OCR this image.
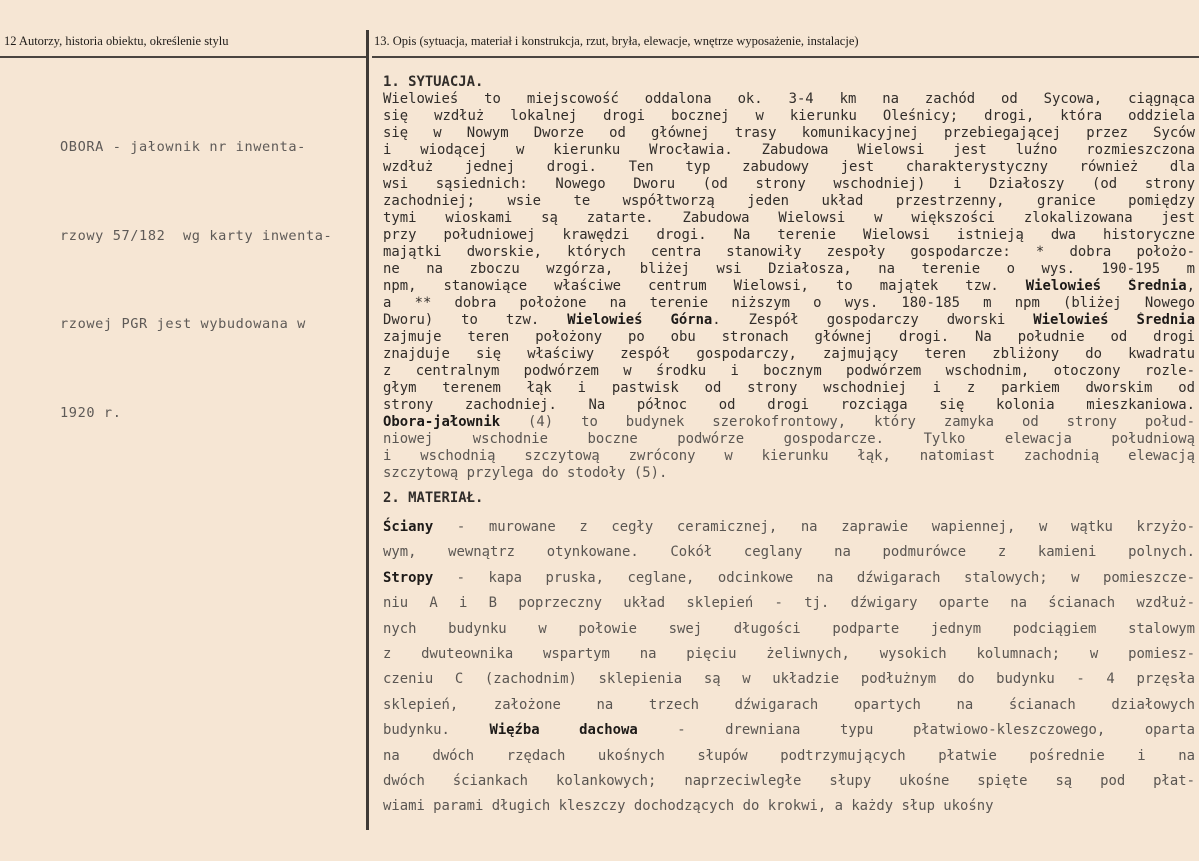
12 Autorzy, historia obiektu, określenie stylu	13. Opis (sytuacja, materiał i konstrukcja, rzut, bryła, elewacje, wnętrze wyposażenie, instalacje)

OBORA - jałownik nr inwenta-

rzowy 57/182  wg karty inwenta-

rzowej PGR jest wybudowana w

1920 r.

1. SYTUACJA.
Wielowieś to miejscowość oddalona ok. 3-4 km na zachód od Sycowa, ciągnąca
się wzdłuż lokalnej drogi bocznej w kierunku Oleśnicy; drogi, która oddziela
się w Nowym Dworze od głównej trasy komunikacyjnej przebiegającej przez Syców
i wiodącej w kierunku Wrocławia. Zabudowa Wielowsi jest luźno rozmieszczona
wzdłuż jednej drogi. Ten typ zabudowy jest charakterystyczny również dla
wsi sąsiednich: Nowego Dworu (od strony wschodniej) i Działoszy (od strony
zachodniej; wsie te współtworzą jeden układ przestrzenny, granice pomiędzy
tymi wioskami są zatarte. Zabudowa Wielowsi w większości zlokalizowana jest
przy południowej krawędzi drogi. Na terenie Wielowsi istnieją dwa historyczne
majątki dworskie, których centra stanowiły zespoły gospodarcze: * dobra położo-
ne na zboczu wzgórza, bliżej wsi Działosza, na terenie o wys. 190-195 m
npm, stanowiące właściwe centrum Wielowsi, to majątek tzw. Wielowieś Średnia,
a ** dobra położone na terenie niższym o wys. 180-185 m npm (bliżej Nowego
Dworu) to tzw. Wielowieś Górna. Zespół gospodarczy dworski Wielowieś Średnia
zajmuje teren położony po obu stronach głównej drogi. Na południe od drogi
znajduje się właściwy zespół gospodarczy, zajmujący teren zbliżony do kwadratu
z centralnym podwórzem w środku i bocznym podwórzem wschodnim, otoczony rozle-
głym terenem łąk i pastwisk od strony wschodniej i z parkiem dworskim od
strony zachodniej. Na północ od drogi rozciąga się kolonia mieszkaniowa.
Obora-jałownik (4) to budynek szerokofrontowy, który zamyka od strony połud-
niowej wschodnie boczne podwórze gospodarcze. Tylko elewacja południową
i wschodnią szczytową zwrócony w kierunku łąk, natomiast zachodnią elewacją
szczytową przylega do stodoły (5).
2. MATERIAŁ.
Ściany - murowane z cegły ceramicznej, na zaprawie wapiennej, w wątku krzyżo-
wym, wewnątrz otynkowane. Cokół ceglany na podmurówce z kamieni polnych.
Stropy - kapa pruska, ceglane, odcinkowe na dźwigarach stalowych; w pomieszcze-
niu A i B poprzeczny układ sklepień - tj. dźwigary oparte na ścianach wzdłuż-
nych budynku w połowie swej długości podparte jednym podciągiem stalowym
z dwuteownika wspartym na pięciu żeliwnych, wysokich kolumnach; w pomiesz-
czeniu C (zachodnim) sklepienia są w układzie podłużnym do budynku - 4 przęsła
sklepień, założone na trzech dźwigarach opartych na ścianach działowych
budynku. Więźba dachowa - drewniana typu płatwiowo-kleszczowego, oparta
na dwóch rzędach ukośnych słupów podtrzymujących płatwie pośrednie i na
dwóch ściankach kolankowych; naprzeciwległe słupy ukośne spięte są pod płat-
wiami parami długich kleszczy dochodzących do krokwi, a każdy słup ukośny
